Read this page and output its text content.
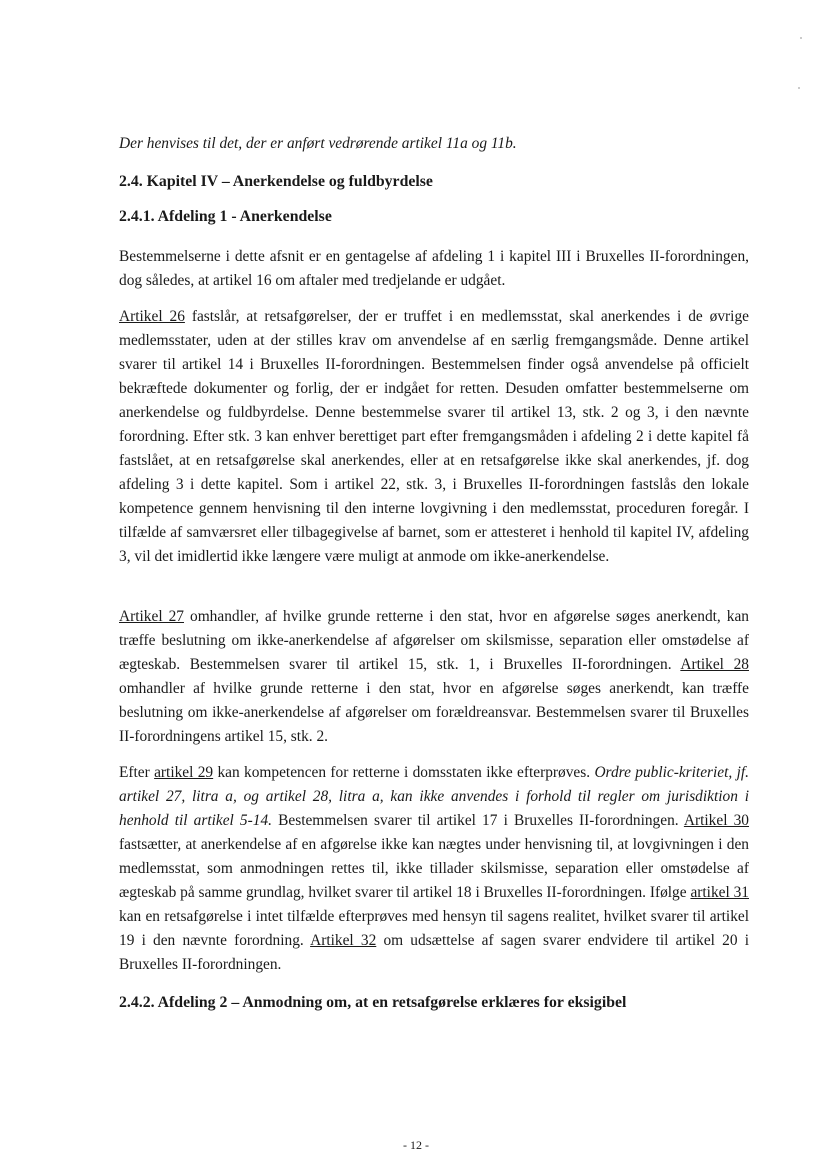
Der henvises til det, der er anført vedrørende artikel 11a og 11b.

2.4. Kapitel IV – Anerkendelse og fuldbyrdelse
2.4.1. Afdeling 1 - Anerkendelse

Bestemmelserne i dette afsnit er en gentagelse af afdeling 1 i kapitel III i Bruxelles II-forordningen, dog således, at artikel 16 om aftaler med tredjelande er udgået.

Artikel 26 fastslår, at retsafgørelser, der er truffet i en medlemsstat, skal anerkendes i de øvrige medlemsstater, uden at der stilles krav om anvendelse af en særlig fremgangsmåde. Denne artikel svarer til artikel 14 i Bruxelles II-forordningen. Bestemmelsen finder også anvendelse på officielt bekræftede dokumenter og forlig, der er indgået for retten. Desuden omfatter bestemmelserne om anerkendelse og fuldbyrdelse. Denne bestemmelse svarer til artikel 13, stk. 2 og 3, i den nævnte forordning. Efter stk. 3 kan enhver berettiget part efter fremgangsmåden i afdeling 2 i dette kapitel få fastslået, at en retsafgørelse skal anerkendes, eller at en retsafgørelse ikke skal anerkendes, jf. dog afdeling 3 i dette kapitel. Som i artikel 22, stk. 3, i Bruxelles II-forordningen fastslås den lokale kompetence gennem henvisning til den interne lovgivning i den medlemsstat, proceduren foregår. I tilfælde af samværsret eller tilbagegivelse af barnet, som er attesteret i henhold til kapitel IV, afdeling 3, vil det imidlertid ikke længere være muligt at anmode om ikke-anerkendelse.

Artikel 27 omhandler, af hvilke grunde retterne i den stat, hvor en afgørelse søges anerkendt, kan træffe beslutning om ikke-anerkendelse af afgørelser om skilsmisse, separation eller omstødelse af ægteskab. Bestemmelsen svarer til artikel 15, stk. 1, i Bruxelles II-forordningen. Artikel 28 omhandler af hvilke grunde retterne i den stat, hvor en afgørelse søges anerkendt, kan træffe beslutning om ikke-anerkendelse af afgørelser om forældreansvar. Bestemmelsen svarer til Bruxelles II-forordningens artikel 15, stk. 2.

Efter artikel 29 kan kompetencen for retterne i domsstaten ikke efterprøves. Ordre public-kriteriet, jf. artikel 27, litra a, og artikel 28, litra a, kan ikke anvendes i forhold til regler om jurisdiktion i henhold til artikel 5-14. Bestemmelsen svarer til artikel 17 i Bruxelles II-forordningen. Artikel 30 fastsætter, at anerkendelse af en afgørelse ikke kan nægtes under henvisning til, at lovgivningen i den medlemsstat, som anmodningen rettes til, ikke tillader skilsmisse, separation eller omstødelse af ægteskab på samme grundlag, hvilket svarer til artikel 18 i Bruxelles II-forordningen. Ifølge artikel 31 kan en retsafgørelse i intet tilfælde efterprøves med hensyn til sagens realitet, hvilket svarer til artikel 19 i den nævnte forordning. Artikel 32 om udsættelse af sagen svarer endvidere til artikel 20 i Bruxelles II-forordningen.

2.4.2. Afdeling 2 – Anmodning om, at en retsafgørelse erklæres for eksigibel
- 12 -
